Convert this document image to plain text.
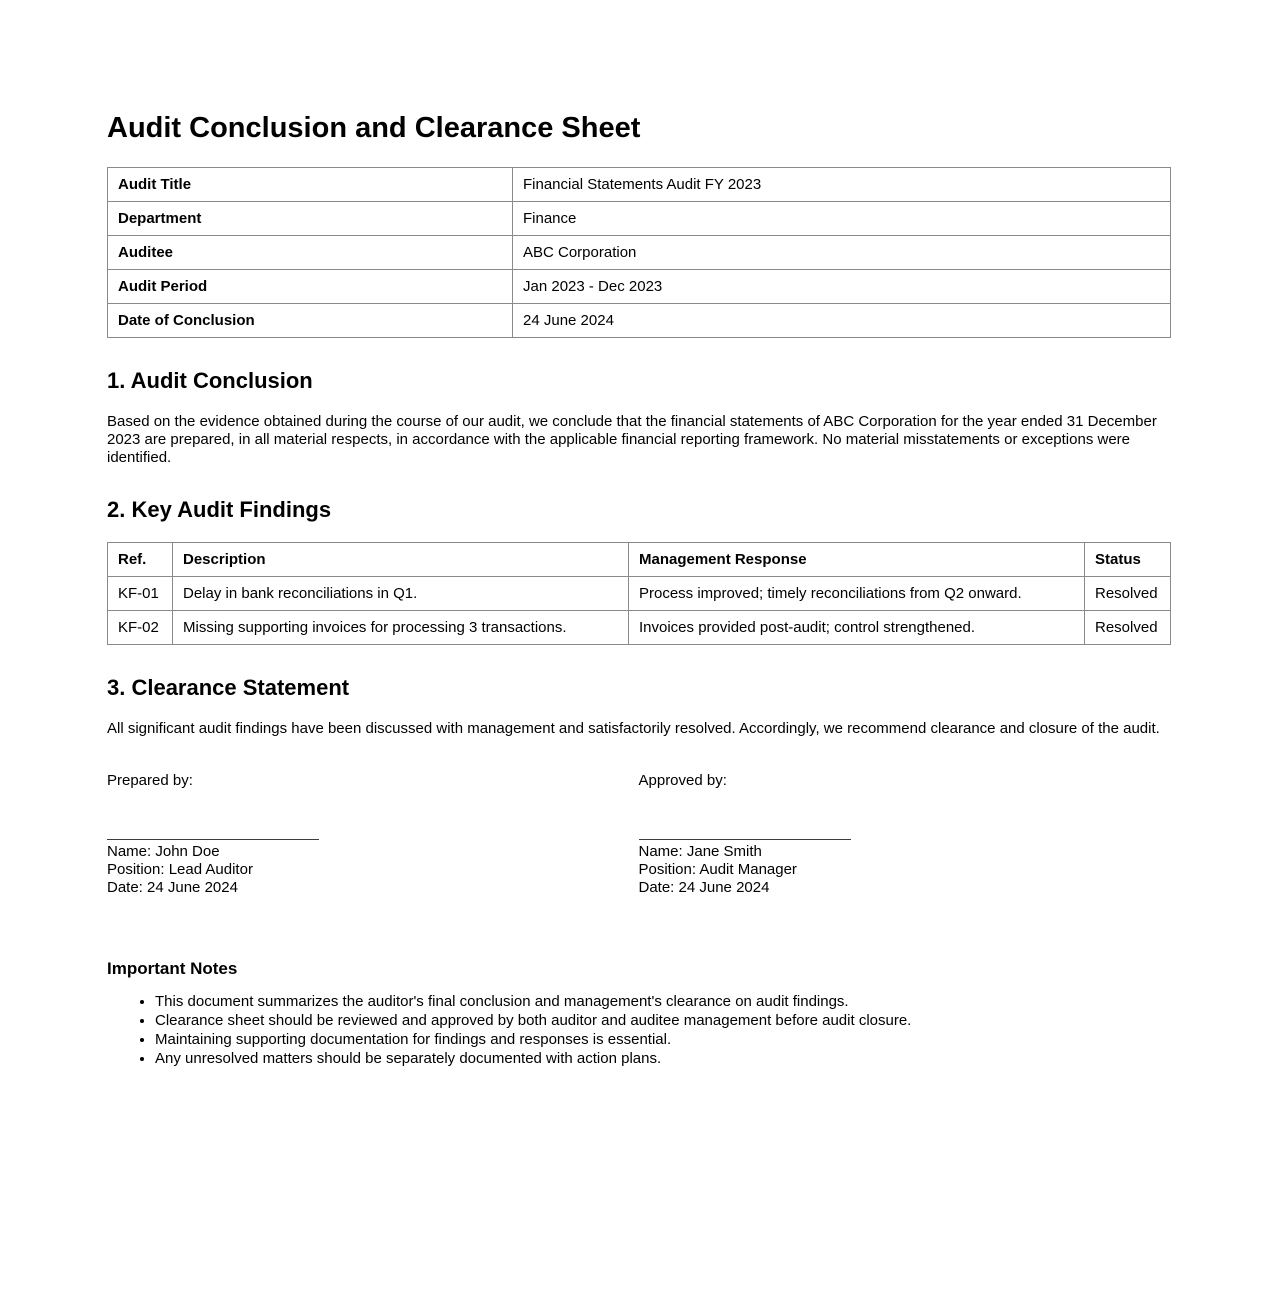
Audit Conclusion and Clearance Sheet
Audit Title	Financial Statements Audit FY 2023
Department	Finance
Auditee	ABC Corporation
Audit Period	Jan 2023 - Dec 2023
Date of Conclusion	24 June 2024
1. Audit Conclusion

Based on the evidence obtained during the course of our audit, we conclude that the financial statements of ABC Corporation for the year ended 31 December 2023 are prepared, in all material respects, in accordance with the applicable financial reporting framework. No material misstatements or exceptions were identified.

2. Key Audit Findings
Ref.	Description	Management Response	Status
KF-01	Delay in bank reconciliations in Q1.	Process improved; timely reconciliations from Q2 onward.	Resolved
KF-02	Missing supporting invoices for processing 3 transactions.	Invoices provided post-audit; control strengthened.	Resolved
3. Clearance Statement

All significant audit findings have been discussed with management and satisfactorily resolved. Accordingly, we recommend clearance and closure of the audit.

Prepared by:

Name: John Doe

Position: Lead Auditor

Date: 24 June 2024

Approved by:

Name: Jane Smith

Position: Audit Manager

Date: 24 June 2024

Important Notes
• This document summarizes the auditor's final conclusion and management's clearance on audit findings.
• Clearance sheet should be reviewed and approved by both auditor and auditee management before audit closure.
• Maintaining supporting documentation for findings and responses is essential.
• Any unresolved matters should be separately documented with action plans.
